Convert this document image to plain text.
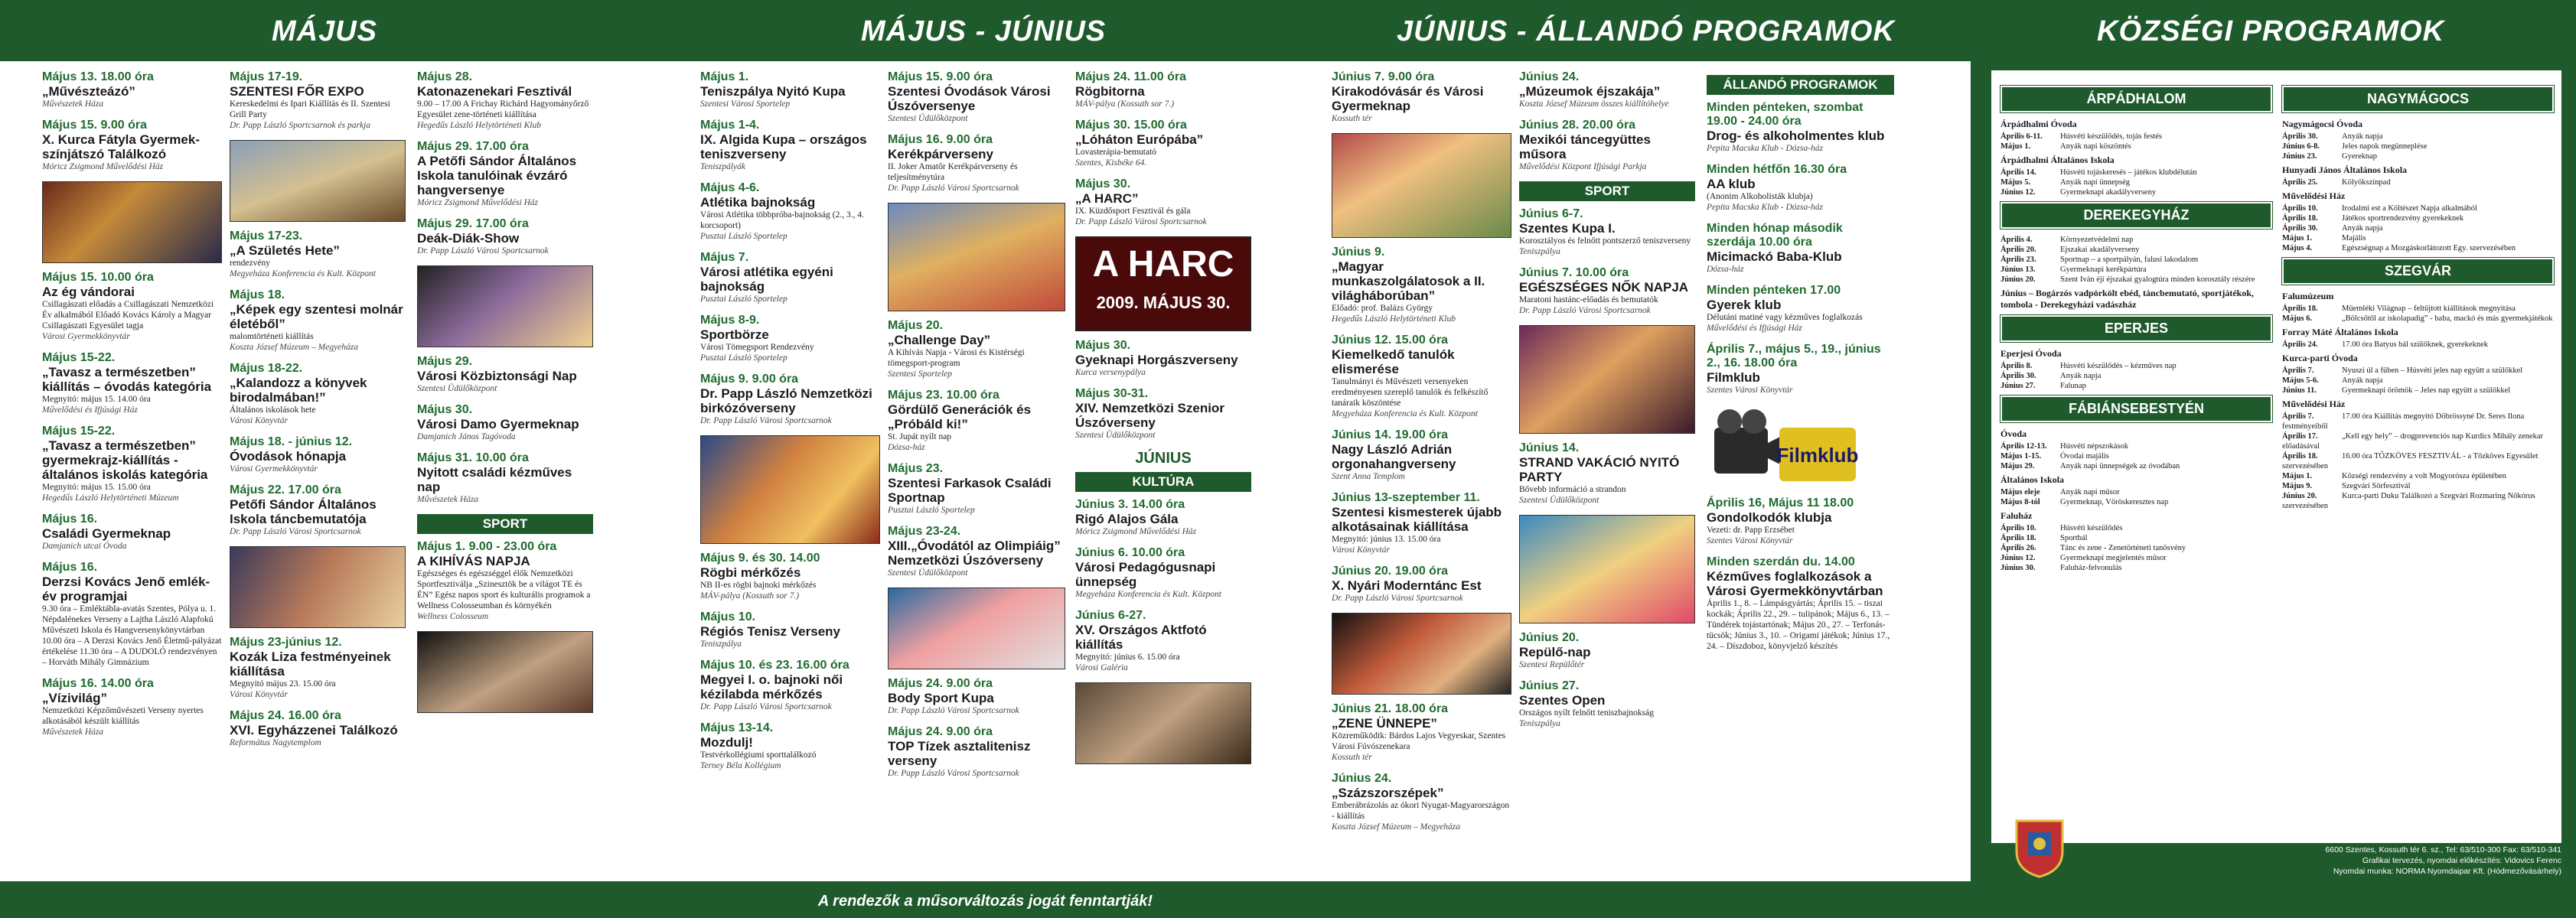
MÁJUS	MÁJUS - JÚNIUS	JÚNIUS - ÁLLANDÓ PROGRAMOK	KÖZSÉGI PROGRAMOK
Május 13. 18.00 óra
„Művészteázó”
Művészetek Háza
Május 15. 9.00 óra
X. Kurca Fátyla Gyermek-színjátszó Találkozó
Móricz Zsigmond Művelődési Ház
Május 15. 10.00 óra
Az ég vándorai
Csillagászati előadás a Csillagászati Nemzetközi Év alkalmából Előadó Kovács Károly a Magyar Csillagászati Egyesület tagja
Városi Gyermekkönyvtár
Május 15-22.
„Tavasz a természetben” kiállítás – óvodás kategória
Megnyitó: május 15. 14.00 óra
Művelődési és Ifjúsági Ház
Május 15-22.
„Tavasz a természetben” gyermekrajz-kiállítás - általános iskolás kategória
Megnyitó: május 15. 15.00 óra
Hegedűs László Helytörténeti Múzeum
Május 16.
Családi Gyermeknap
Damjanich utcai Óvoda
Május 16.
Derzsi Kovács Jenő emlék-év programjai
9.30 óra – Emléktábla-avatás Szentes, Pólya u. 1. Népdalénekes Verseny a Lajtha László Alapfokú Művészeti Iskola és Hangversenykönyvtárban 10.00 óra – A Derzsi Kovács Jenő Életmű-pályázat értékelése 11.30 óra – A DUDOLÓ rendezvényen – Horváth Mihály Gimnázium
Május 16. 14.00 óra
„Vízivilág”
Nemzetközi Képzőművészeti Verseny nyertes alkotásából készült kiállítás
Művészetek Háza
Május 17-19.
SZENTESI FŐR EXPO
Kereskedelmi és Ipari Kiállítás és II. Szentesi Grill Party
Dr. Papp László Sportcsarnok és parkja
Május 17-23.
„A Születés Hete”
rendezvény
Megyeháza Konferencia és Kult. Központ
Május 18.
„Képek egy szentesi molnár életéből”
malomtörténeti kiállítás
Koszta József Múzeum – Megyeháza
Május 18-22.
„Kalandozz a könyvek birodalmában!”
Általános iskolások hete
Városi Könyvtár
Május 18. - június 12.
Óvodások hónapja
Városi Gyermekkönyvtár
Május 22. 17.00 óra
Petőfi Sándor Általános Iskola táncbemutatója
Dr. Papp László Városi Sportcsarnok
Május 23-június 12.
Kozák Liza festményeinek kiállítása
Megnyitó május 23. 15.00 óra
Városi Könyvtár
Május 24. 16.00 óra
XVI. Egyházzenei Találkozó
Református Nagytemplom
Május 28.
Katonazenekari Fesztivál
9.00 – 17.00 A Frichay Richárd Hagyományőrző Egyesület zene-történeti kiállítása
Hegedűs László Helytörténeti Klub
Május 29. 17.00 óra
A Petőfi Sándor Általános Iskola tanulóinak évzáró hangversenye
Móricz Zsigmond Művelődési Ház
Május 29. 17.00 óra
Deák-Diák-Show
Dr. Papp László Városi Sportcsarnok
Május 29.
Városi Közbiztonsági Nap
Szentesi Üdülőközpont
Május 30.
Városi Damo Gyermeknap
Damjanich János Tagóvoda
Május 31. 10.00 óra
Nyitott családi kézműves nap
Művészetek Háza
SPORT
Május 1. 9.00 - 23.00 óra
A KIHÍVÁS NAPJA
Egészséges és egészséggel élők Nemzetközi Sportfesztiválja „Szinesztök be a világot TE és ÉN” Egész napos sport és kulturális programok a Wellness Colosseumban és környékén
Wellness Colosseum
Május 1.
Teniszpálya Nyitó Kupa
Szentesi Városi Sportelep
Május 1-4.
IX. Algida Kupa – országos teniszverseny
Teniszpályák
Május 4-6.
Atlétika bajnokság
Városi Atlétika többpróba-bajnokság (2., 3., 4. korcsoport)
Pusztai László Sportelep
Május 7.
Városi atlétika egyéni bajnokság
Pusztai László Sportelep
Május 8-9.
Sportbörze
Városi Tömegsport Rendezvény
Pusztai László Sportelep
Május 9. 9.00 óra
Dr. Papp László Nemzetközi birkózóverseny
Dr. Papp László Városi Sportcsarnok
Május 9. és 30. 14.00
Rögbi mérkőzés
NB II-es rögbi bajnoki mérkőzés
MÁV-pálya (Kossuth sor 7.)
Május 10.
Régiós Tenisz Verseny
Teniszpálya
Május 10. és 23. 16.00 óra
Megyei I. o. bajnoki női kézilabda mérkőzés
Dr. Papp László Városi Sportcsarnok
Május 13-14.
Mozdulj!
Testvérkollégiumi sporttalálkozó
Terney Béla Kollégium
Május 15. 9.00 óra
Szentesi Óvodások Városi Úszóversenye
Szentesi Üdülőközpont
Május 16. 9.00 óra
Kerékpárverseny
II. Joker Amatőr Kerékpárverseny és teljesítménytúra
Dr. Papp László Városi Sportcsarnok
Május 20.
„Challenge Day”
A Kihívás Napja - Városi és Kistérségi tömegsport-program
Szentesi Sportelep
Május 23. 10.00 óra
Gördülő Generációk és „Próbáld ki!”
St. Jupát nyílt nap
Dózsa-ház
Május 23.
Szentesi Farkasok Családi Sportnap
Pusztai László Sportelep
Május 23-24.
XIII.„Óvodától az Olimpiáig” Nemzetközi Úszóverseny
Szentesi Üdülőközpont
Május 24. 9.00 óra
Body Sport Kupa
Dr. Papp László Városi Sportcsarnok
Május 24. 9.00 óra
TOP Tízek asztalitenisz verseny
Dr. Papp László Városi Sportcsarnok
Május 24. 11.00 óra
Rögbitorna
MÁV-pálya (Kossuth sor 7.)
Május 30. 15.00 óra
„Lóháton Európába”
Lovasterápia-bemutató
Szentes, Kisbéke 64.
Május 30.
„A HARC”
IX. Küzdősport Fesztivál és gála
Dr. Papp László Városi Sportcsarnok
A HARC
2009. MÁJUS 30.
Május 30.
Gyeknapi Horgászverseny
Kurca versenypálya
Május 30-31.
XIV. Nemzetközi Szenior Úszóverseny
Szentesi Üdülőközpont
JÚNIUS
KULTÚRA
Június 3. 14.00 óra
Rigó Alajos Gála
Móricz Zsigmond Művelődési Ház
Június 6. 10.00 óra
Városi Pedagógusnapi ünnepség
Megyeháza Konferencia és Kult. Központ
Június 6-27.
XV. Országos Aktfotó kiállítás
Megnyitó: június 6. 15.00 óra
Városi Galéria
Június 7. 9.00 óra
Kirakodóvásár és Városi Gyermeknap
Kossuth tér
Június 9.
„Magyar munkaszolgálatosok a II. világháborúban”
Előadó: prof. Balázs György
Hegedűs László Helytörténeti Klub
Június 12. 15.00 óra
Kiemelkedő tanulók elismerése
Tanulmányi és Művészeti versenyeken eredményesen szereplő tanulók és felkészítő tanáraik köszöntése
Megyeháza Konferencia és Kult. Központ
Június 14. 19.00 óra
Nagy László Adrián orgonahangverseny
Szent Anna Templom
Június 13-szeptember 11.
Szentesi kismesterek újabb alkotásainak kiállítása
Megnyitó: június 13. 15.00 óra
Városi Könyvtár
Június 20. 19.00 óra
X. Nyári Moderntánc Est
Dr. Papp László Városi Sportcsarnok
Június 21. 18.00 óra
„ZENE ÜNNEPE”
Közreműködik: Bárdos Lajos Vegyeskar, Szentes Városi Fúvószenekara
Kossuth tér
Június 24.
„Százszorszépek”
Emberábrázolás az ókori Nyugat-Magyarországon - kiállítás
Koszta József Múzeum – Megyeháza
Június 24.
„Múzeumok éjszakája”
Koszta József Múzeum összes kiállítóhelye
Június 28. 20.00 óra
Mexikói táncegyüttes műsora
Művelődési Központ Ifjúsági Parkja
SPORT
Június 6-7.
Szentes Kupa I.
Korosztályos és felnőtt pontszerző teniszverseny
Teniszpálya
Június 7. 10.00 óra
EGÉSZSÉGES NŐK NAPJA
Maratoni hastánc-előadás és bemutatók
Dr. Papp László Városi Sportcsarnok
Június 14.
STRAND VAKÁCIÓ NYITÓ PARTY
Bővebb információ a strandon
Szentesi Üdülőközpont
Június 20.
Repülő-nap
Szentesi Repülőtér
Június 27.
Szentes Open
Országos nyílt felnőtt teniszbajnokság
Teniszpálya
ÁLLANDÓ PROGRAMOK
Minden pénteken, szombat 19.00 - 24.00 óra
Drog- és alkoholmentes klub
Pepita Macska Klub - Dózsa-ház
Minden hétfőn 16.30 óra
AA klub
(Anonim Alkoholisták klubja)
Pepita Macska Klub - Dózsa-ház
Minden hónap második szerdája 10.00 óra
Micimackó Baba-Klub
Dózsa-ház
Minden pénteken 17.00
Gyerek klub
Délutáni matiné vagy kézműves foglalkozás
Művelődési és Ifjúsági Ház
Április 7., május 5., 19., június 2., 16. 18.00 óra
Filmklub
Szentes Városi Könyvtár
Filmklub
Április 16, Május 11 18.00
Gondolkodók klubja
Vezeti: dr. Papp Erzsébet
Szentes Városi Könyvtár
Minden szerdán du. 14.00
Kézműves foglalkozások a Városi Gyermekkönyvtárban
Április 1., 8. – Lámpásgyártás; Április 15. – tiszai kockák; Április 22., 29. – tulipánok; Május 6., 13. – Tündérek tojástartónak; Május 20., 27. – Terfonás-tücsök; Június 3., 10. – Origami játékok; Június 17., 24. – Díszdoboz, könyvjelző készítés
ÁRPÁDHALOM
Árpádhalmi Óvoda
Április 6-11. Húsvéti készülődés, tojás festés
Május 1.	Anyák napi köszöntés
Árpádhalmi Általános Iskola
Április 14.	Húsvéti tojáskeresés – játékos klubdélután
Május 5.	Anyák napi ünnepség
Június 12.	Gyermeknapi akadályverseny
DEREKEGYHÁZ
Április 4.	Környezetvédelmi nap
Április 20.	Ejszakai akadályverseny
Április 23.	Sportnap – a sportpályán, falusi lakodalom
Június 13.	Gyermeknapi kerékpártúra
Június 20.	Szent Iván éji éjszakai gyalogtúra minden korosztály részére
Június – Bogárzós vadpörkölt ebéd, táncbemutató, sportjátékok, tombola - Derekegyházi vadászház
EPERJES
Eperjesi Óvoda
Április 8.	Húsvéti készülődés – kézműves nap
Április 30.	Anyák napja
Június 27.	Falunap
FÁBIÁNSEBESTYÉN
Óvoda
Április 12-13. Húsvéti népszokások
Május 1-15. Óvodai majális
Május 29.	Anyák napi ünnepségek az óvodában
Általános Iskola
Május eleje	Anyák napi műsor
Május 8-tól	Gyermeknap, Vöröskeresztes nap
Faluház
Április 10.	Húsvéti készülődés
Április 18.	Sportbál
Április 26.	Tánc és zene - Zenetörténeti tanösvény
Június 12.	Gyermeknapi megjelentés műsor
Június 30.	Faluház-felvonulás
NAGYMÁGOCS
Nagymágocsi Óvoda
Április 30.	Anyák napja
Június 6-8.	Jeles napok megünneplése
Június 23.	Gyereknap
Hunyadi János Általános Iskola
Április 25.	Kölyökszínpad
Művelődési Ház
Április 10.	Irodalmi est a Költészet Napja alkalmából
Április 18.	Játékos sportrendezvény gyerekeknek
Április 30.	Anyák napja
Május 1.	Majális
Május 4.	Egészségnap a Mozgáskorlátozott Egy. szervezésében
SZEGVÁR
Falumúzeum
Április 18.	Műemléki Világnap – feltűjtott kiállítások megnyitása
Május 6.	„Bölcsőtől az iskolapadig” - baba, mackó és más gyermekjátékok
Forray Máté Általános Iskola
Április 24.	17.00 óra Batyus bál szülőknek, gyerekeknek
Kurca-parti Óvoda
Április 7.	Nyuszi úl a fűben – Húsvéti jeles nap együtt a szülőkkel
Május 5-6.	Anyák napja
Június 11.	Gyermeknapi örömök – Jeles nap együtt a szülőkkel
Művelődési Ház
Április 7.	17.00 óra Kiállítás megnyitó Döbrössyné Dr. Seres Ilona festményeiből
Április 17.	„Kell egy hely” – drogprevenciós nap Kurdics Mihály zenekar előadásával
Április 18.	16.00 óra TŐZKÖVES FESZTIVÁL - a Tőzköves Egyesület szervezésében
Május 1.	Községi rendezvény a volt Mogyorósza épületében
Május 9.	Szegvári Sörfesztivál
Június 20.	Kurca-parti Duku Találkozó a Szegvári Rozmaring Nőkórus szervezésében
Kiadja: Szentes Város Önkormányzata Polgármesteri Hivatala
Felelős kiadó: Szirbik Imre polgármester
Szerkesztőség: Szentes Város Önkormányzata Polgármesteri Hivatala
6600 Szentes, Kossuth tér 6. sz., Tel: 63/510-300 Fax: 63/510-341
Grafikai tervezés, nyomdai előkészítés: Vidovics Ferenc
Nyomdai munka: NORMA Nyomdaipar Kft. (Hódmezővásárhely)
A rendezők a műsorváltozás jogát fenntartják!
